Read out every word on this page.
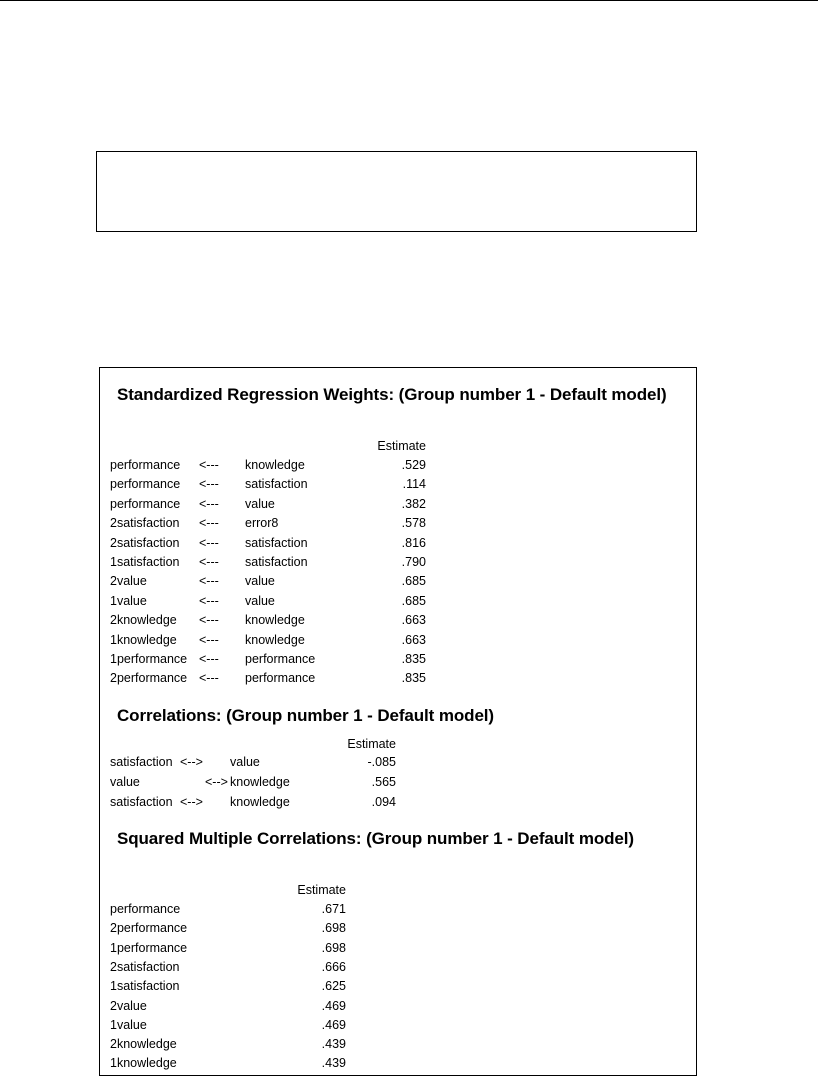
Standardized Regression Weights: (Group number 1 - Default model)
Estimate
performance <--- knowledge	.529
performance <--- satisfaction	.114
performance <--- value	.382
2satisfaction <--- error8	.578
2satisfaction <--- satisfaction	.816
1satisfaction <--- satisfaction	.790
2value	<--- value	.685
1value	<--- value	.685
2knowledge <--- knowledge	.663
1knowledge <--- knowledge	.663
1performance <--- performance	.835
2performance <--- performance	.835
Correlations: (Group number 1 - Default model)
Estimate
satisfaction <--> value	-.085
value	<--> knowledge	.565
satisfaction <--> knowledge	.094
Squared Multiple Correlations: (Group number 1 - Default model)
Estimate
performance	.671
2performance	.698
1performance	.698
2satisfaction	.666
1satisfaction	.625
2value	.469
1value	.469
2knowledge	.439
1knowledge	.439
